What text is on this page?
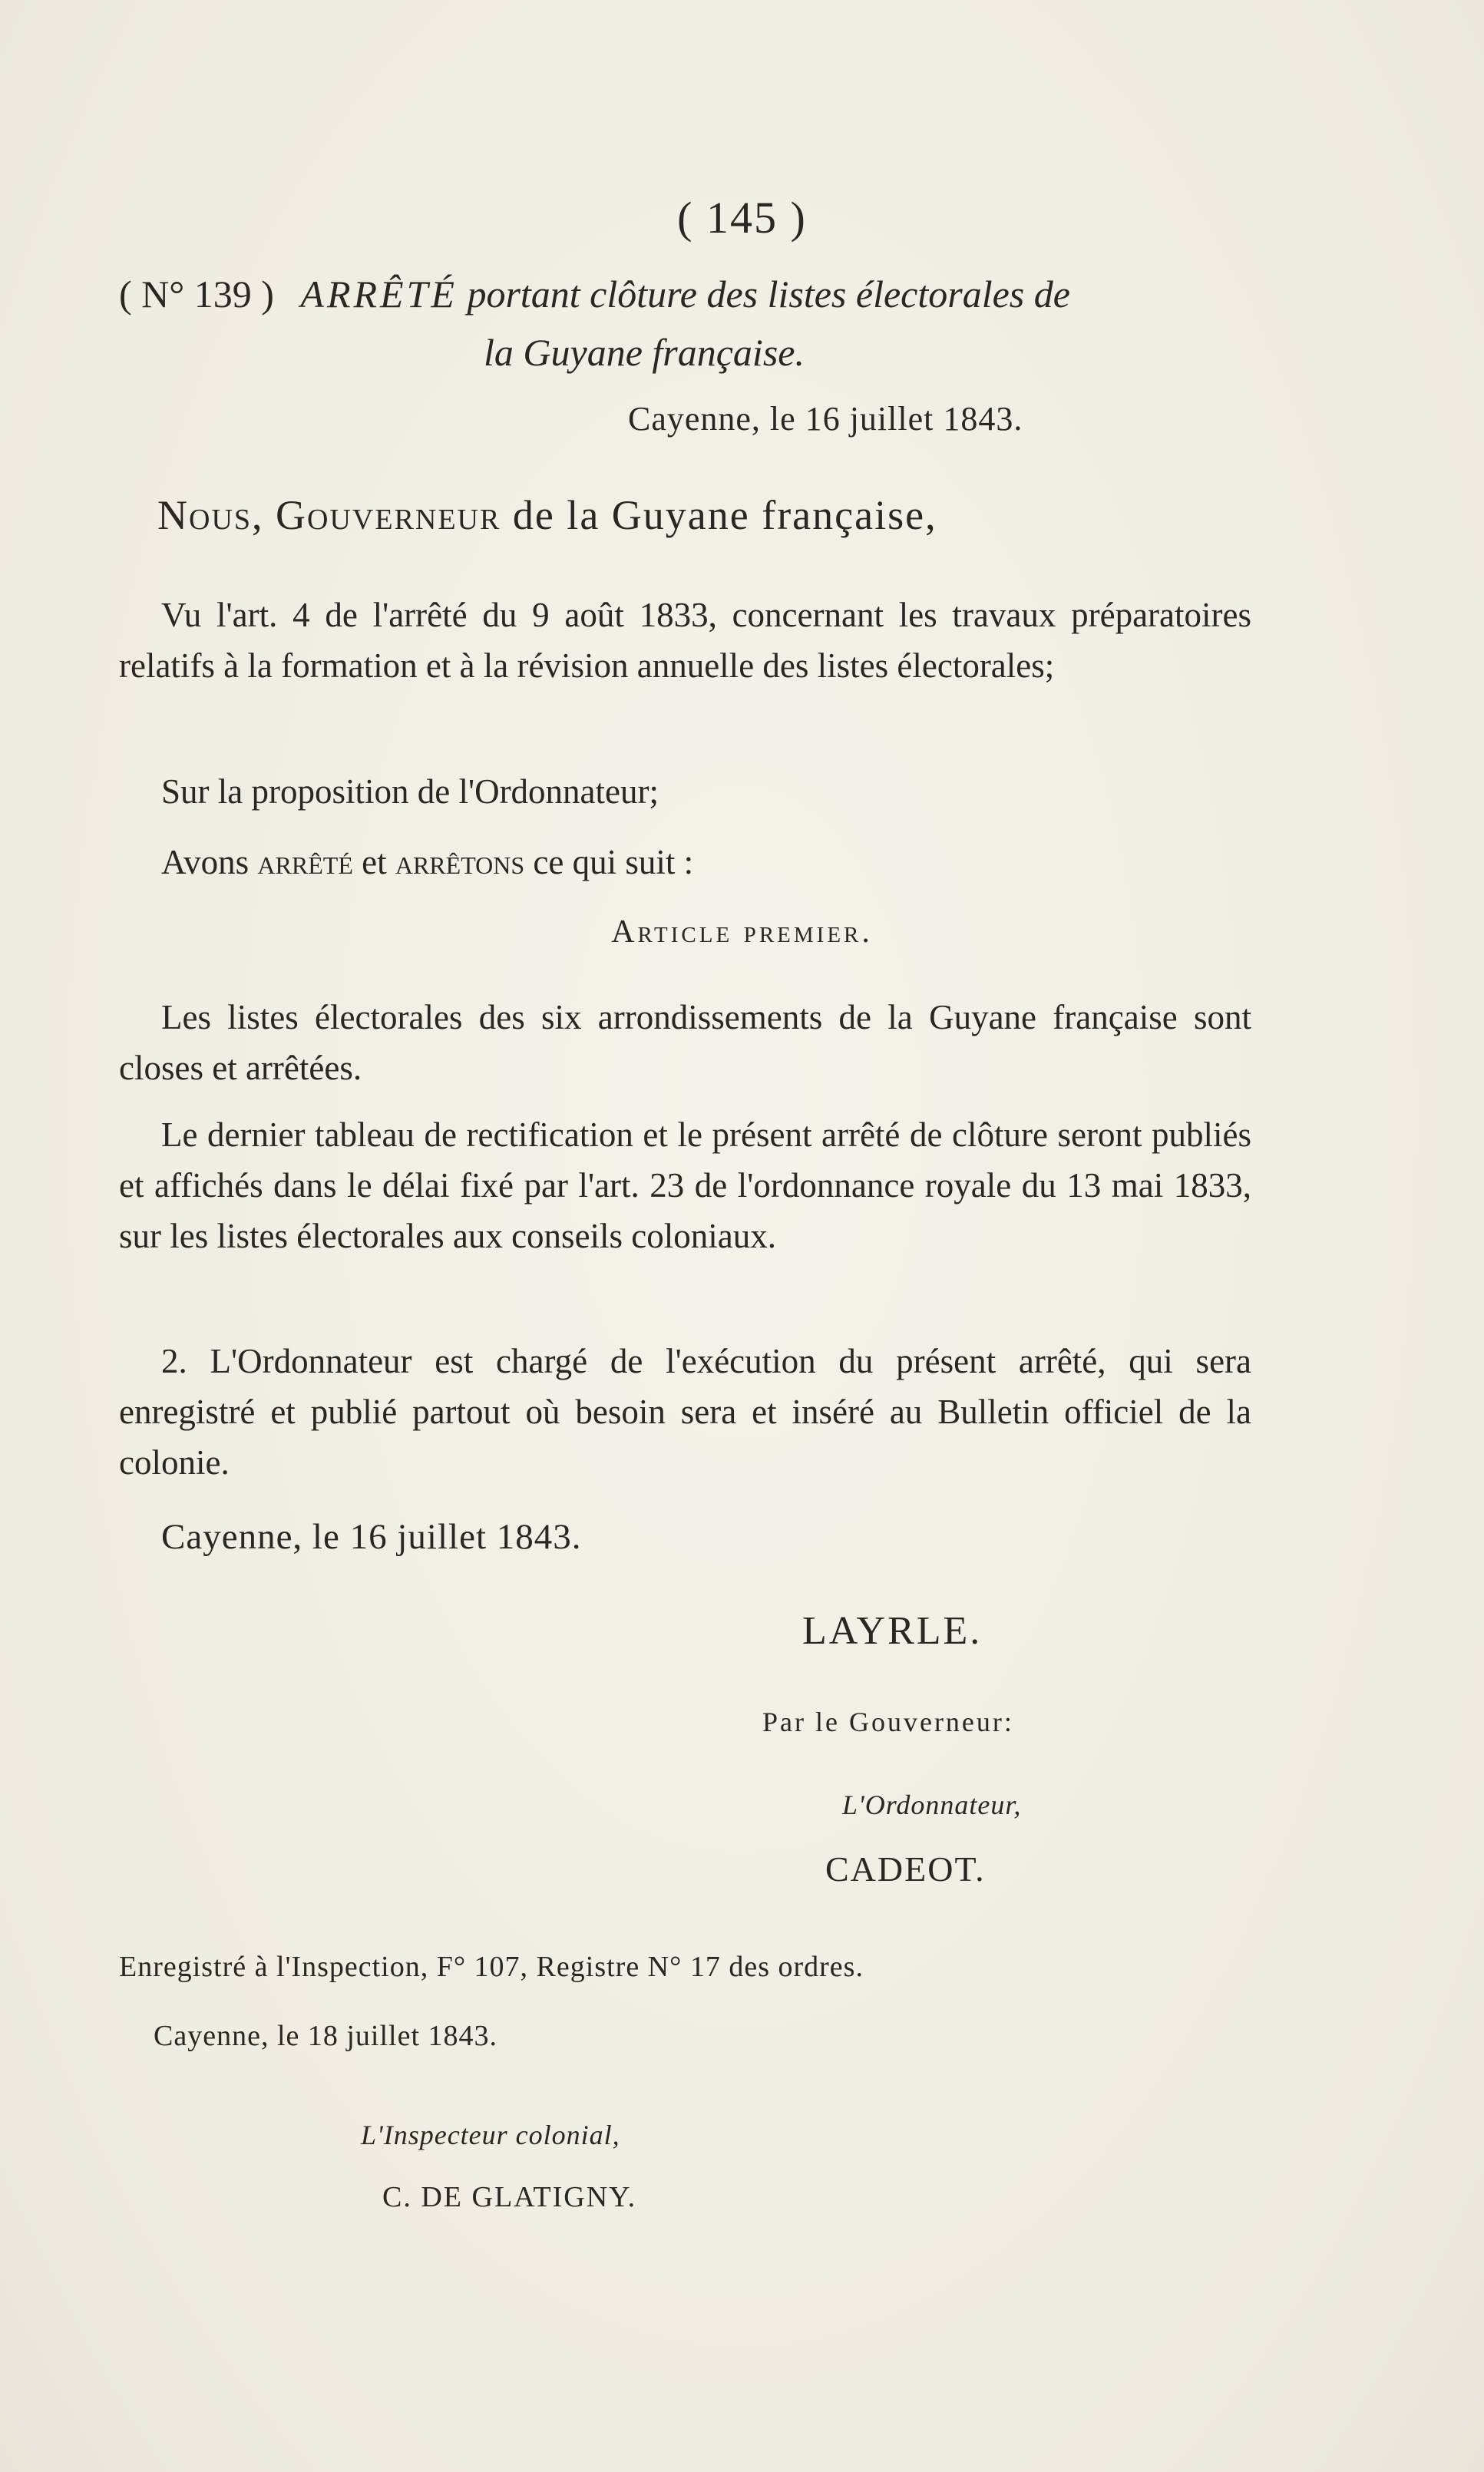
( 145 )
( N° 139 ) ARRÊTÉ portant clôture des listes électorales de
la Guyane française.
Cayenne, le 16 juillet 1843.
Nous, Gouverneur de la Guyane française,
Vu l'art. 4 de l'arrêté du 9 août 1833, concernant les travaux préparatoires relatifs à la formation et à la révision annuelle des listes électorales;
Sur la proposition de l'Ordonnateur;
Avons arrêté et arrêtons ce qui suit :
Article premier.
Les listes électorales des six arrondissements de la Guyane française sont closes et arrêtées.
Le dernier tableau de rectification et le présent arrêté de clôture seront publiés et affichés dans le délai fixé par l'art. 23 de l'ordonnance royale du 13 mai 1833, sur les listes électorales aux conseils coloniaux.
2. L'Ordonnateur est chargé de l'exécution du présent arrêté, qui sera enregistré et publié partout où besoin sera et inséré au Bulletin officiel de la colonie.
Cayenne, le 16 juillet 1843.
LAYRLE.
Par le Gouverneur:
L'Ordonnateur,
CADEOT.
Enregistré à l'Inspection, F° 107, Registre N° 17 des ordres.
Cayenne, le 18 juillet 1843.
L'Inspecteur colonial,
C. DE GLATIGNY.
